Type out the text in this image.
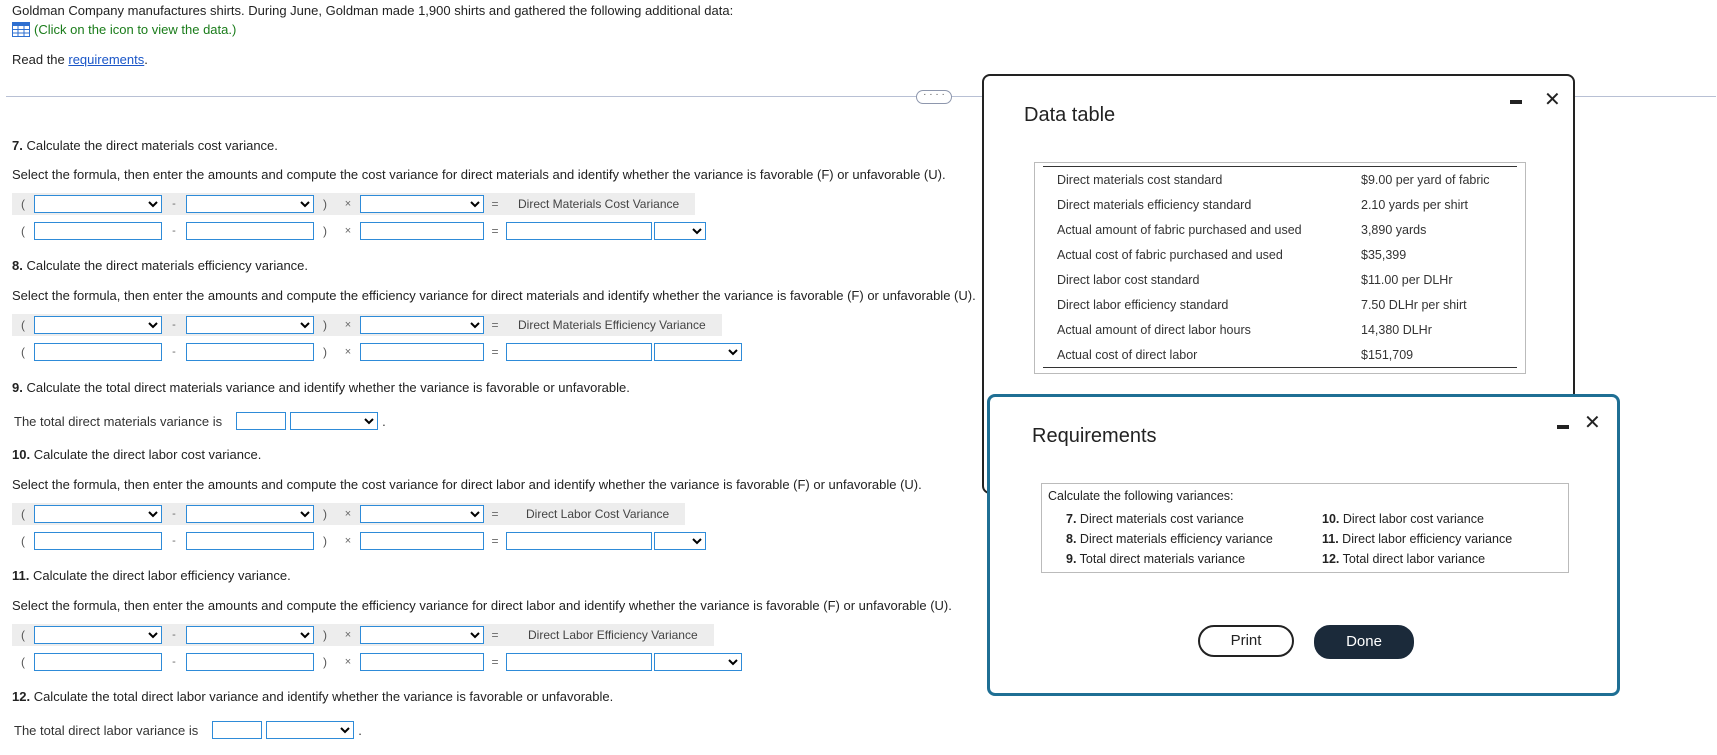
Goldman Company manufactures shirts. During June, Goldman made 1,900 shirts and gathered the following additional data:
(Click on the icon to view the data.)
Read the requirements.
· · · ·
7. Calculate the direct materials cost variance.
Select the formula, then enter the amounts and compute the cost variance for direct materials and identify whether the variance is favorable (F) or unfavorable (U).
(	-	)	×	=	Direct Materials Cost Variance
(	-	)	×	=
8. Calculate the direct materials efficiency variance.
Select the formula, then enter the amounts and compute the efficiency variance for direct materials and identify whether the variance is favorable (F) or unfavorable (U).
(	-	)	×	=	Direct Materials Efficiency Variance
(	-	)	×	=
9. Calculate the total direct materials variance and identify whether the variance is favorable or unfavorable.
The total direct materials variance is	.
10. Calculate the direct labor cost variance.
Select the formula, then enter the amounts and compute the cost variance for direct labor and identify whether the variance is favorable (F) or unfavorable (U).
(	-	)	×	=	Direct Labor Cost Variance
(	-	)	×	=
11. Calculate the direct labor efficiency variance.
Select the formula, then enter the amounts and compute the efficiency variance for direct labor and identify whether the variance is favorable (F) or unfavorable (U).
(	-	)	×	=	Direct Labor Efficiency Variance
(	-	)	×	=
12. Calculate the total direct labor variance and identify whether the variance is favorable or unfavorable.
The total direct labor variance is	.
Data table
✕
Direct materials cost standard	$9.00 per yard of fabric
Direct materials efficiency standard	2.10 yards per shirt
Actual amount of fabric purchased and used	3,890 yards
Actual cost of fabric purchased and used	$35,399
Direct labor cost standard	$11.00 per DLHr
Direct labor efficiency standard	7.50 DLHr per shirt
Actual amount of direct labor hours	14,380 DLHr
Actual cost of direct labor	$151,709
Requirements
✕
Calculate the following variances:
7. Direct materials cost variance
8. Direct materials efficiency variance
9. Total direct materials variance
10. Direct labor cost variance
11. Direct labor efficiency variance
12. Total direct labor variance
Print	Done
